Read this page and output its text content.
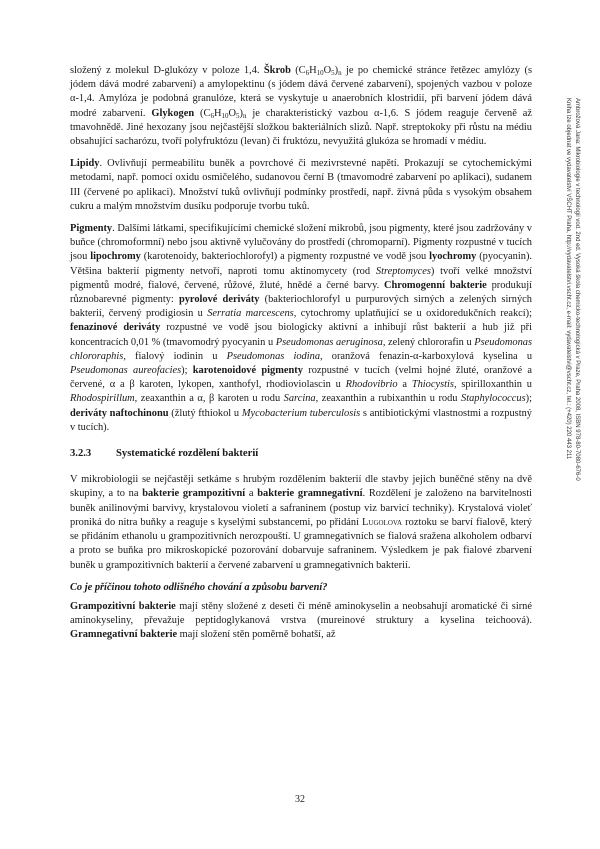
Ambrožová Jana: Mikrobiologie v technologii vod. 2nd ed. Vysoká škola chemicko-technologická v Praze, Praha 2008, ISBN 978-80-7080-676-0
Kniha lze objednat ve vydavatelství VŠCHT Praha, http://vydavatelstvi.vscht.cz, e-mail: vydavatelstvi@vscht.cz, tel.: (+420) 220 443 211

složený z molekul D-glukózy v poloze 1,4. Škrob $(C_6H_{10}O_5)_n$ je po chemické stránce řetězec amylózy (s jódem dává modré zabarvení) a amylopektinu (s jódem dává červené zabarvení), spojených vazbou v poloze α-1,4. Amylóza je podobná granulóze, která se vyskytuje u anaerobních klostridií, při barvení jódem dává modré zabarvení. Glykogen $(C_6H_{10}O_5)_n$ je charakteristický vazbou α-1,6. S jódem reaguje červeně až tmavohnědě. Jiné hexozany jsou nejčastější složkou bakteriálních slizů. Např. streptokoky při růstu na médiu obsahující sacharózu, tvoří polyfruktózu (levan) či fruktózu, nevyužitá glukóza se hromadí v médiu.

Lipidy. Ovlivňují permeabilitu buněk a povrchové či mezivrstevné napětí. Prokazují se cytochemickými metodami, např. pomocí oxidu osmičelého, sudanovou černí B (tmavomodré zabarvení po aplikaci), sudanem III (červené po aplikaci). Množství tuků ovlivňují podmínky prostředí, např. živná půda s vysokým obsahem cukru a malým množstvím dusíku podporuje tvorbu tuků.

Pigmenty. Dalšími látkami, specifikujícími chemické složení mikrobů, jsou pigmenty, které jsou zadržovány v buňce (chromoformní) nebo jsou aktivně vylučovány do prostředí (chromoparní). Pigmenty rozpustné v tucích jsou lipochromy (karotenoidy, bakteriochlorofyl) a pigmenty rozpustné ve vodě jsou lyochromy (pyocyanin). Většina bakterií pigmenty netvoří, naproti tomu aktinomycety (rod Streptomyces) tvoří velké množství pigmentů modré, fialové, červené, růžové, žluté, hnědé a černé barvy. Chromogenní bakterie produkují různobarevné pigmenty: pyrolové deriváty (bakteriochlorofyl u purpurových sirných a zelených sirných bakterií, červený prodigiosin u Serratia marcescens, cytochromy uplatňující se u oxidoredukčních reakcí); fenazinové deriváty rozpustné ve vodě jsou biologicky aktivní a inhibují růst bakterií a hub již při koncentracích 0,01 % (tmavomodrý pyocyanin u Pseudomonas aeruginosa, zelený chlororafin u Pseudomonas chlororaphis, fialový iodinin u Pseudomonas iodina, oranžová fenazin-α-karboxylová kyselina u Pseudomonas aureofacies); karotenoidové pigmenty rozpustné v tucích (velmi hojné žluté, oranžové a červené, α a β karoten, lykopen, xanthofyl, rhodioviolascin u Rhodovibrio a Thiocystis, spirilloxanthin u Rhodospirillum, zeaxanthin a α, β karoten u rodu Sarcina, zeaxanthin a rubixanthin u rodu Staphylococcus); deriváty naftochinonu (žlutý fthiokol u Mycobacterium tuberculosis s antibiotickými vlastnostmi a rozpustný v tucích).

3.2.3	Systematické rozdělení bakterií

V mikrobiologii se nejčastěji setkáme s hrubým rozdělením bakterií dle stavby jejich buněčné stěny na dvě skupiny, a to na bakterie grampozitivní a bakterie gramnegativní. Rozdělení je založeno na barvitelnosti buněk anilinovými barvivy, krystalovou violetí a safraninem (postup viz barvicí techniky). Krystalová violeť proniká do nitra buňky a reaguje s kyselými substancemi, po přidání Lugolova roztoku se barví fialově, který se přidáním ethanolu u grampozitivních nerozpouští. U gramnegativních se fialová sražena alkoholem odbarví a proto se buňka pro mikroskopické pozorování dobarvuje safraninem. Výsledkem je pak fialové zbarvení buněk u grampozitivních bakterií a červené zabarvení u gramnegativních bakterií.

Co je příčinou tohoto odlišného chování a způsobu barvení?

Grampozitivní bakterie mají stěny složené z deseti či méně aminokyselin a neobsahují aromatické či sirné aminokyseliny, převažuje peptidoglykanová vrstva (mureinové struktury a kyselina teichoová). Gramnegativní bakterie mají složení stěn poměrně bohatší, až

32
